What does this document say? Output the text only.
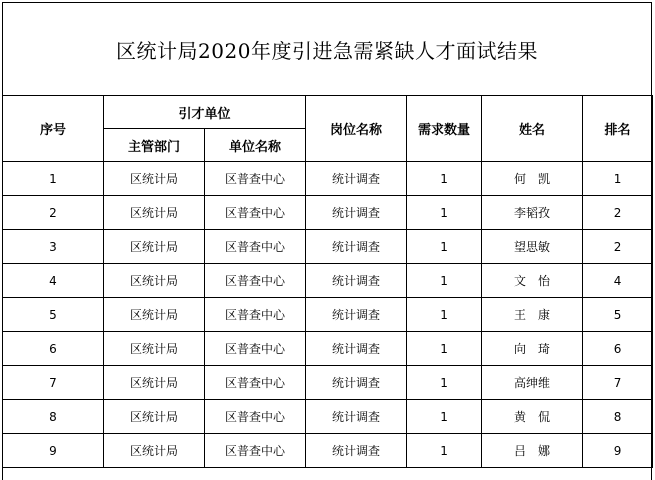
区统计局2020年度引进急需紧缺人才面试结果
序号	引才单位		岗位名称	需求数量	姓名	排名
	主管部门	单位名称				
1	区统计局	区普查中心	统计调查	1	何　凯	1
2	区统计局	区普查中心	统计调查	1	李韬孜	2
3	区统计局	区普查中心	统计调查	1	望思敏	2
4	区统计局	区普查中心	统计调查	1	文　怡	4
5	区统计局	区普查中心	统计调查	1	王　康	5
6	区统计局	区普查中心	统计调查	1	向　琦	6
7	区统计局	区普查中心	统计调查	1	高绅维	7
8	区统计局	区普查中心	统计调查	1	黄　侃	8
9	区统计局	区普查中心	统计调查	1	吕　娜	9
